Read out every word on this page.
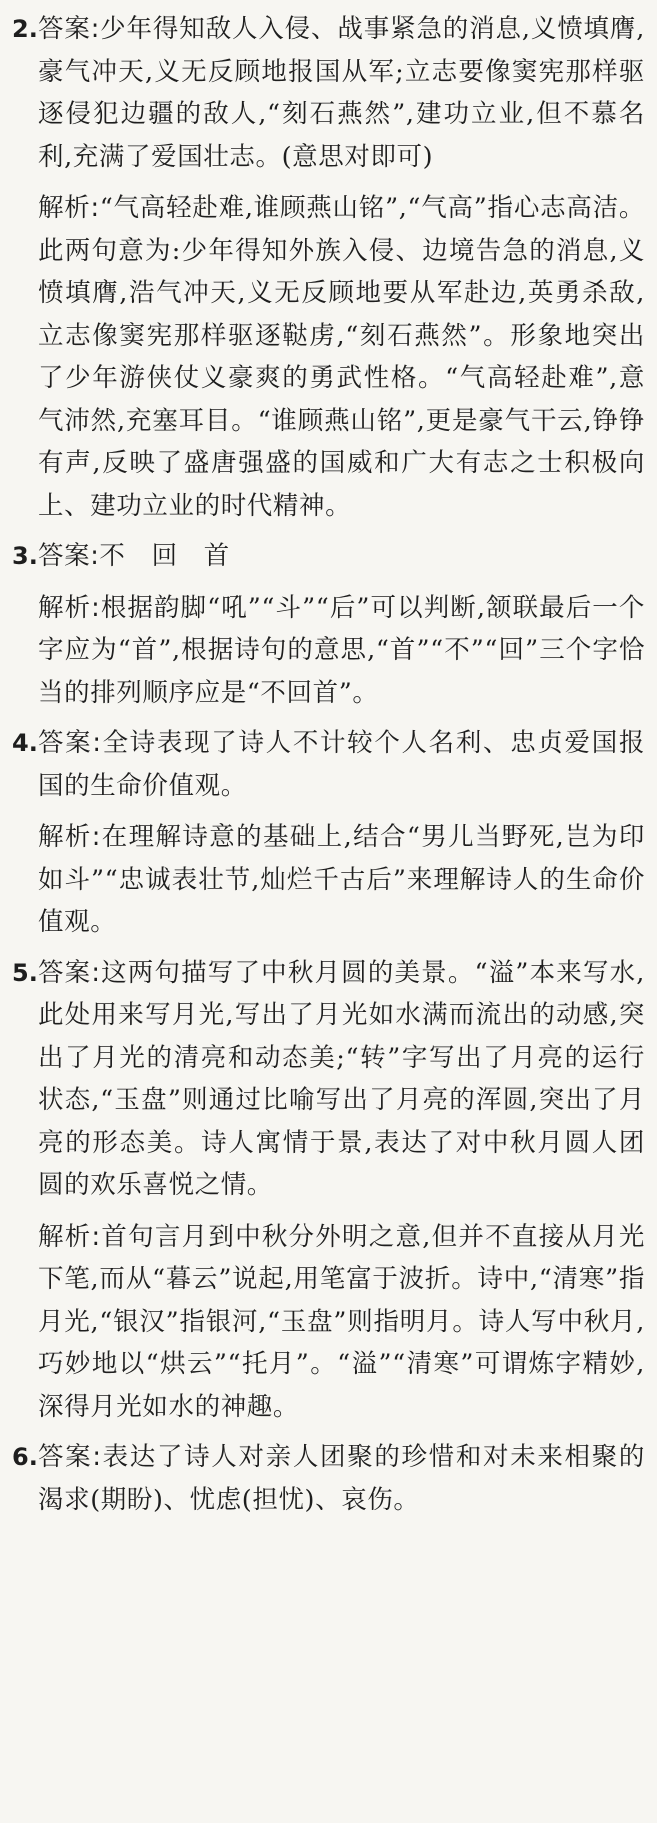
2. 答案:少年得知敌人入侵、战事紧急的消息,义愤填膺,豪气冲天,义无反顾地报国从军;立志要像窦宪那样驱逐侵犯边疆的敌人,“刻石燕然”,建功立业,但不慕名利,充满了爱国壮志。(意思对即可)

解析:“气高轻赴难,谁顾燕山铭”,“气高”指心志高洁。此两句意为:少年得知外族入侵、边境告急的消息,义愤填膺,浩气冲天,义无反顾地要从军赴边,英勇杀敌,立志像窦宪那样驱逐鞑虏,“刻石燕然”。形象地突出了少年游侠仗义豪爽的勇武性格。“气高轻赴难”,意气沛然,充塞耳目。“谁顾燕山铭”,更是豪气干云,铮铮有声,反映了盛唐强盛的国威和广大有志之士积极向上、建功立业的时代精神。

3. 答案:不　回　首

解析:根据韵脚“吼”“斗”“后”可以判断,颔联最后一个字应为“首”,根据诗句的意思,“首”“不”“回”三个字恰当的排列顺序应是“不回首”。

4. 答案:全诗表现了诗人不计较个人名利、忠贞爱国报国的生命价值观。

解析:在理解诗意的基础上,结合“男儿当野死,岂为印如斗”“忠诚表壮节,灿烂千古后”来理解诗人的生命价值观。

5. 答案:这两句描写了中秋月圆的美景。“溢”本来写水,此处用来写月光,写出了月光如水满而流出的动感,突出了月光的清亮和动态美;“转”字写出了月亮的运行状态,“玉盘”则通过比喻写出了月亮的浑圆,突出了月亮的形态美。诗人寓情于景,表达了对中秋月圆人团圆的欢乐喜悦之情。

解析:首句言月到中秋分外明之意,但并不直接从月光下笔,而从“暮云”说起,用笔富于波折。诗中,“清寒”指月光,“银汉”指银河,“玉盘”则指明月。诗人写中秋月,巧妙地以“烘云”“托月”。“溢”“清寒”可谓炼字精妙,深得月光如水的神趣。

6. 答案:表达了诗人对亲人团聚的珍惜和对未来相聚的渴求(期盼)、忧虑(担忧)、哀伤。
